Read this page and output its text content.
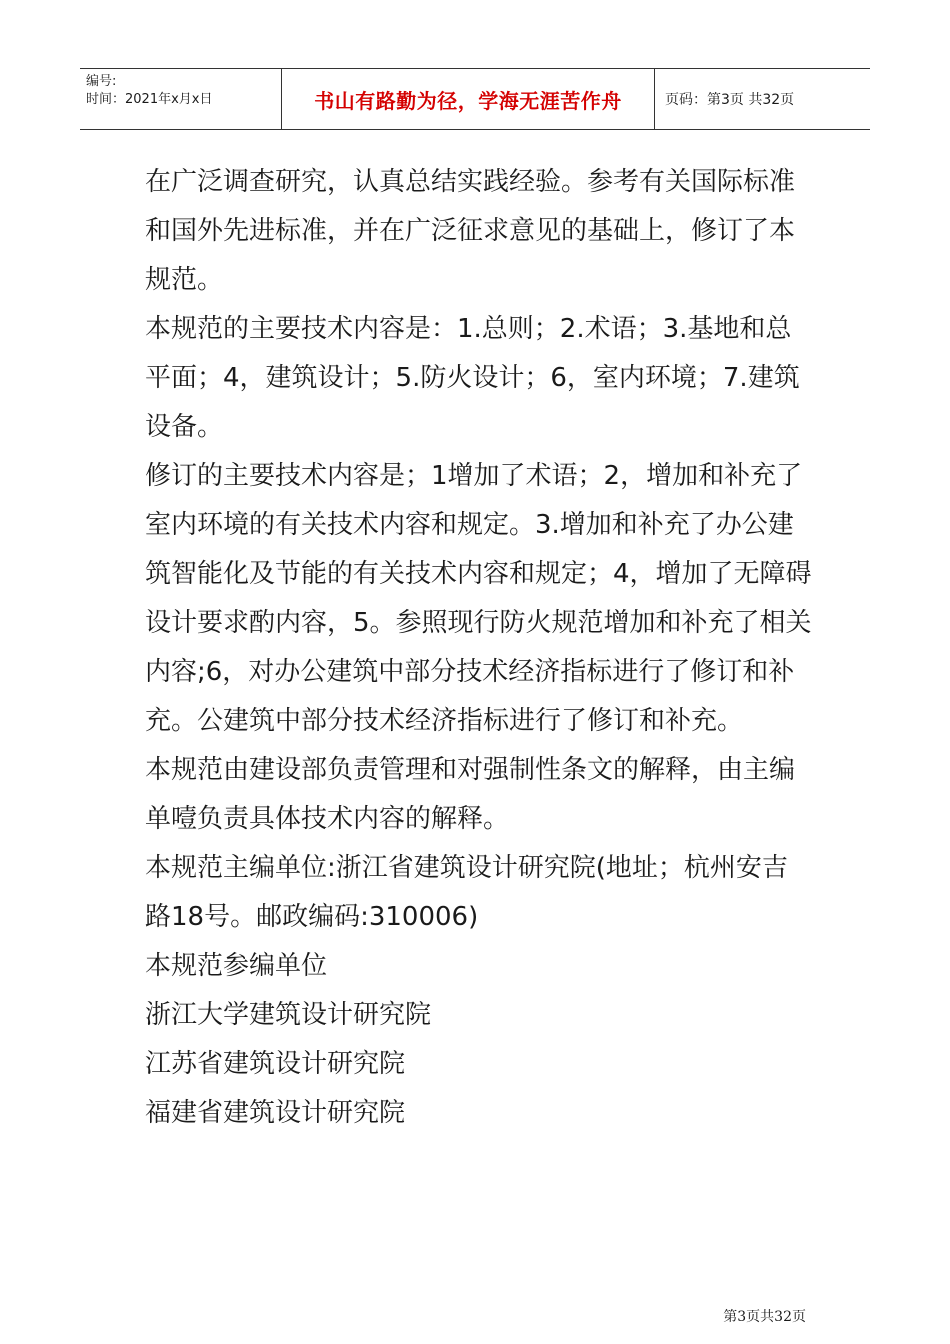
编号:
时间：2021年x月x日	书山有路勤为径，学海无涯苦作舟	页码：第3页 共32页

在广泛调查研究，认真总结实践经验。参考有关国际标准和国外先进标准，并在广泛征求意见的基础上，修订了本规范。

本规范的主要技术内容是：1.总则；2.术语；3.基地和总平面；4，建筑设计；5.防火设计；6，室内环境；7.建筑设备。

修订的主要技术内容是；1增加了术语；2，增加和补充了室内环境的有关技术内容和规定。3.增加和补充了办公建筑智能化及节能的有关技术内容和规定；4，增加了无障碍设计要求酌内容，5。参照现行防火规范增加和补充了相关内容;6，对办公建筑中部分技术经济指标进行了修订和补充。公建筑中部分技术经济指标进行了修订和补充。

本规范由建设部负责管理和对强制性条文的解释，由主编单噎负责具体技术内容的解释。

本规范主编单位:浙江省建筑设计研究院(地址；杭州安吉路18号。邮政编码:310006)

本规范参编单位

浙江大学建筑设计研究院

江苏省建筑设计研究院

福建省建筑设计研究院

第3页共32页
